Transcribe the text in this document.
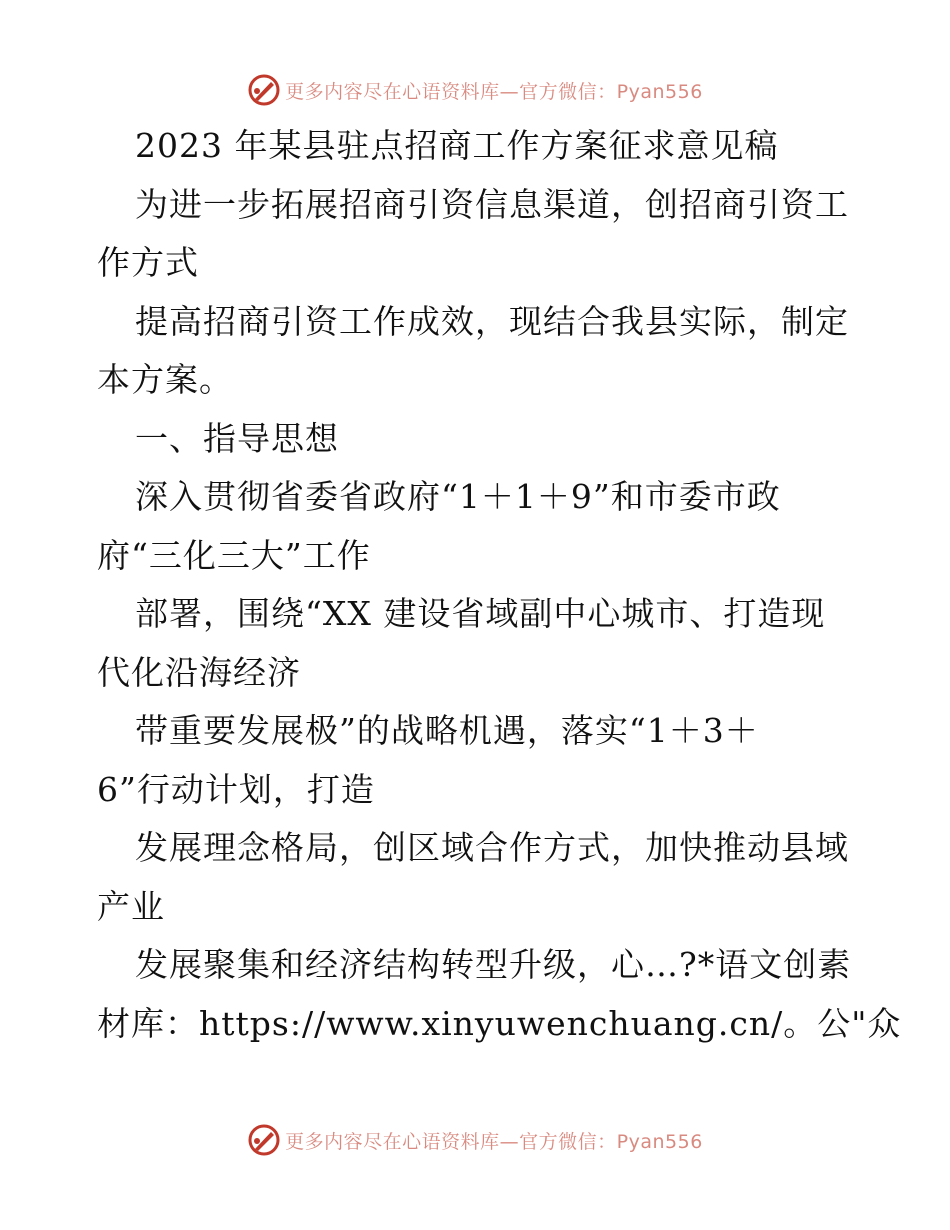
更多内容尽在心语资料库—官方微信：Pyan556
2023 年某县驻点招商工作方案征求意见稿
为进一步拓展招商引资信息渠道，创招商引资工
作方式
提高招商引资工作成效，现结合我县实际，制定
本方案。
一、指导思想
深入贯彻省委省政府“1＋1＋9”和市委市政
府“三化三大”工作
部署，围绕“XX 建设省域副中心城市、打造现
代化沿海经济
带重要发展极”的战略机遇，落实“1＋3＋
6”行动计划，打造
发展理念格局，创区域合作方式，加快推动县域
产业
发展聚集和经济结构转型升级，心…?*语文创素
材库：https://www.xinyuwenchuang.cn/。公"众
更多内容尽在心语资料库—官方微信：Pyan556
